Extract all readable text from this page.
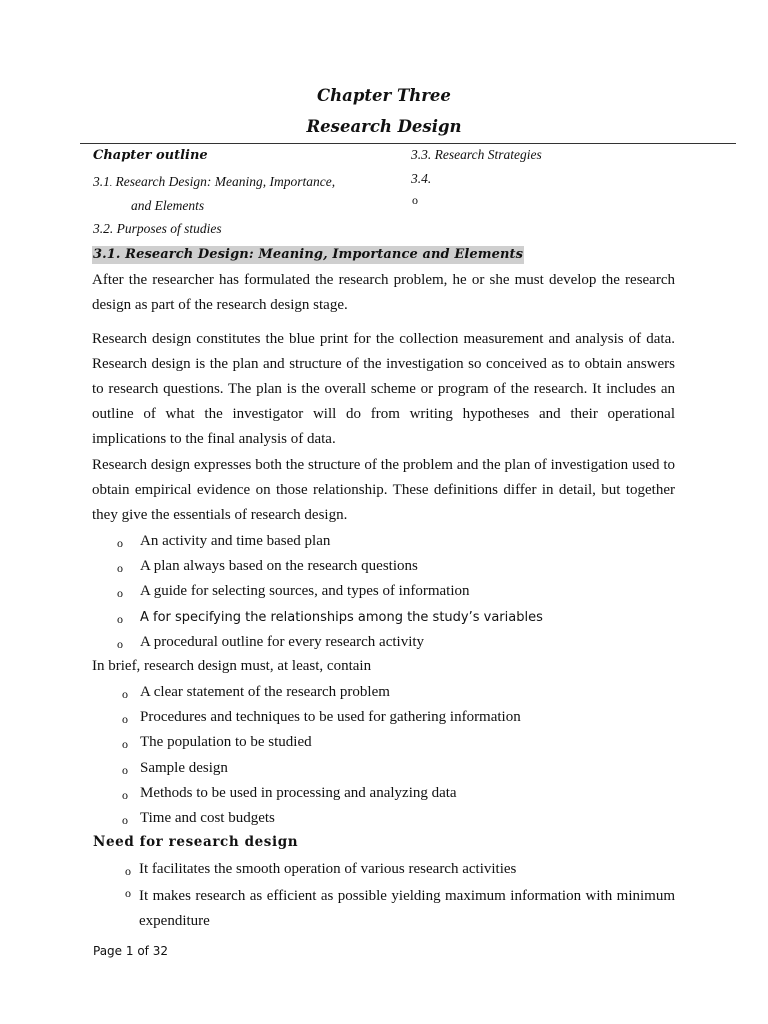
Chapter Three
Research Design
Chapter outline
3.1. Research Design: Meaning, Importance,
and Elements
3.2. Purposes of studies
3.3. Research Strategies
3.4.
o
3.1. Research Design: Meaning, Importance and Elements
After the researcher has formulated the research problem, he or she must develop the research design as part of the research design stage.
Research design constitutes the blue print for the collection measurement and analysis of data. Research design is the plan and structure of the investigation so conceived as to obtain answers to research questions. The plan is the overall scheme or program of the research. It includes an outline of what the investigator will do from writing hypotheses and their operational implications to the final analysis of data.
Research design expresses both the structure of the problem and the plan of investigation used to obtain empirical evidence on those relationship. These definitions differ in detail, but together they give the essentials of research design.
o An activity and time based plan
o A plan always based on the research questions
o A guide for selecting sources, and types of information
o A for specifying the relationships among the study’s variables
o A procedural outline for every research activity
In brief, research design must, at least, contain
o A clear statement of the research problem
o Procedures and techniques to be used for gathering information
o The population to be studied
o Sample design
o Methods to be used in processing and analyzing data
o Time and cost budgets
Need for research design
o It facilitates the smooth operation of various research activities
o It makes research as efficient as possible yielding maximum information with minimum expenditure
Page 1 of 32
